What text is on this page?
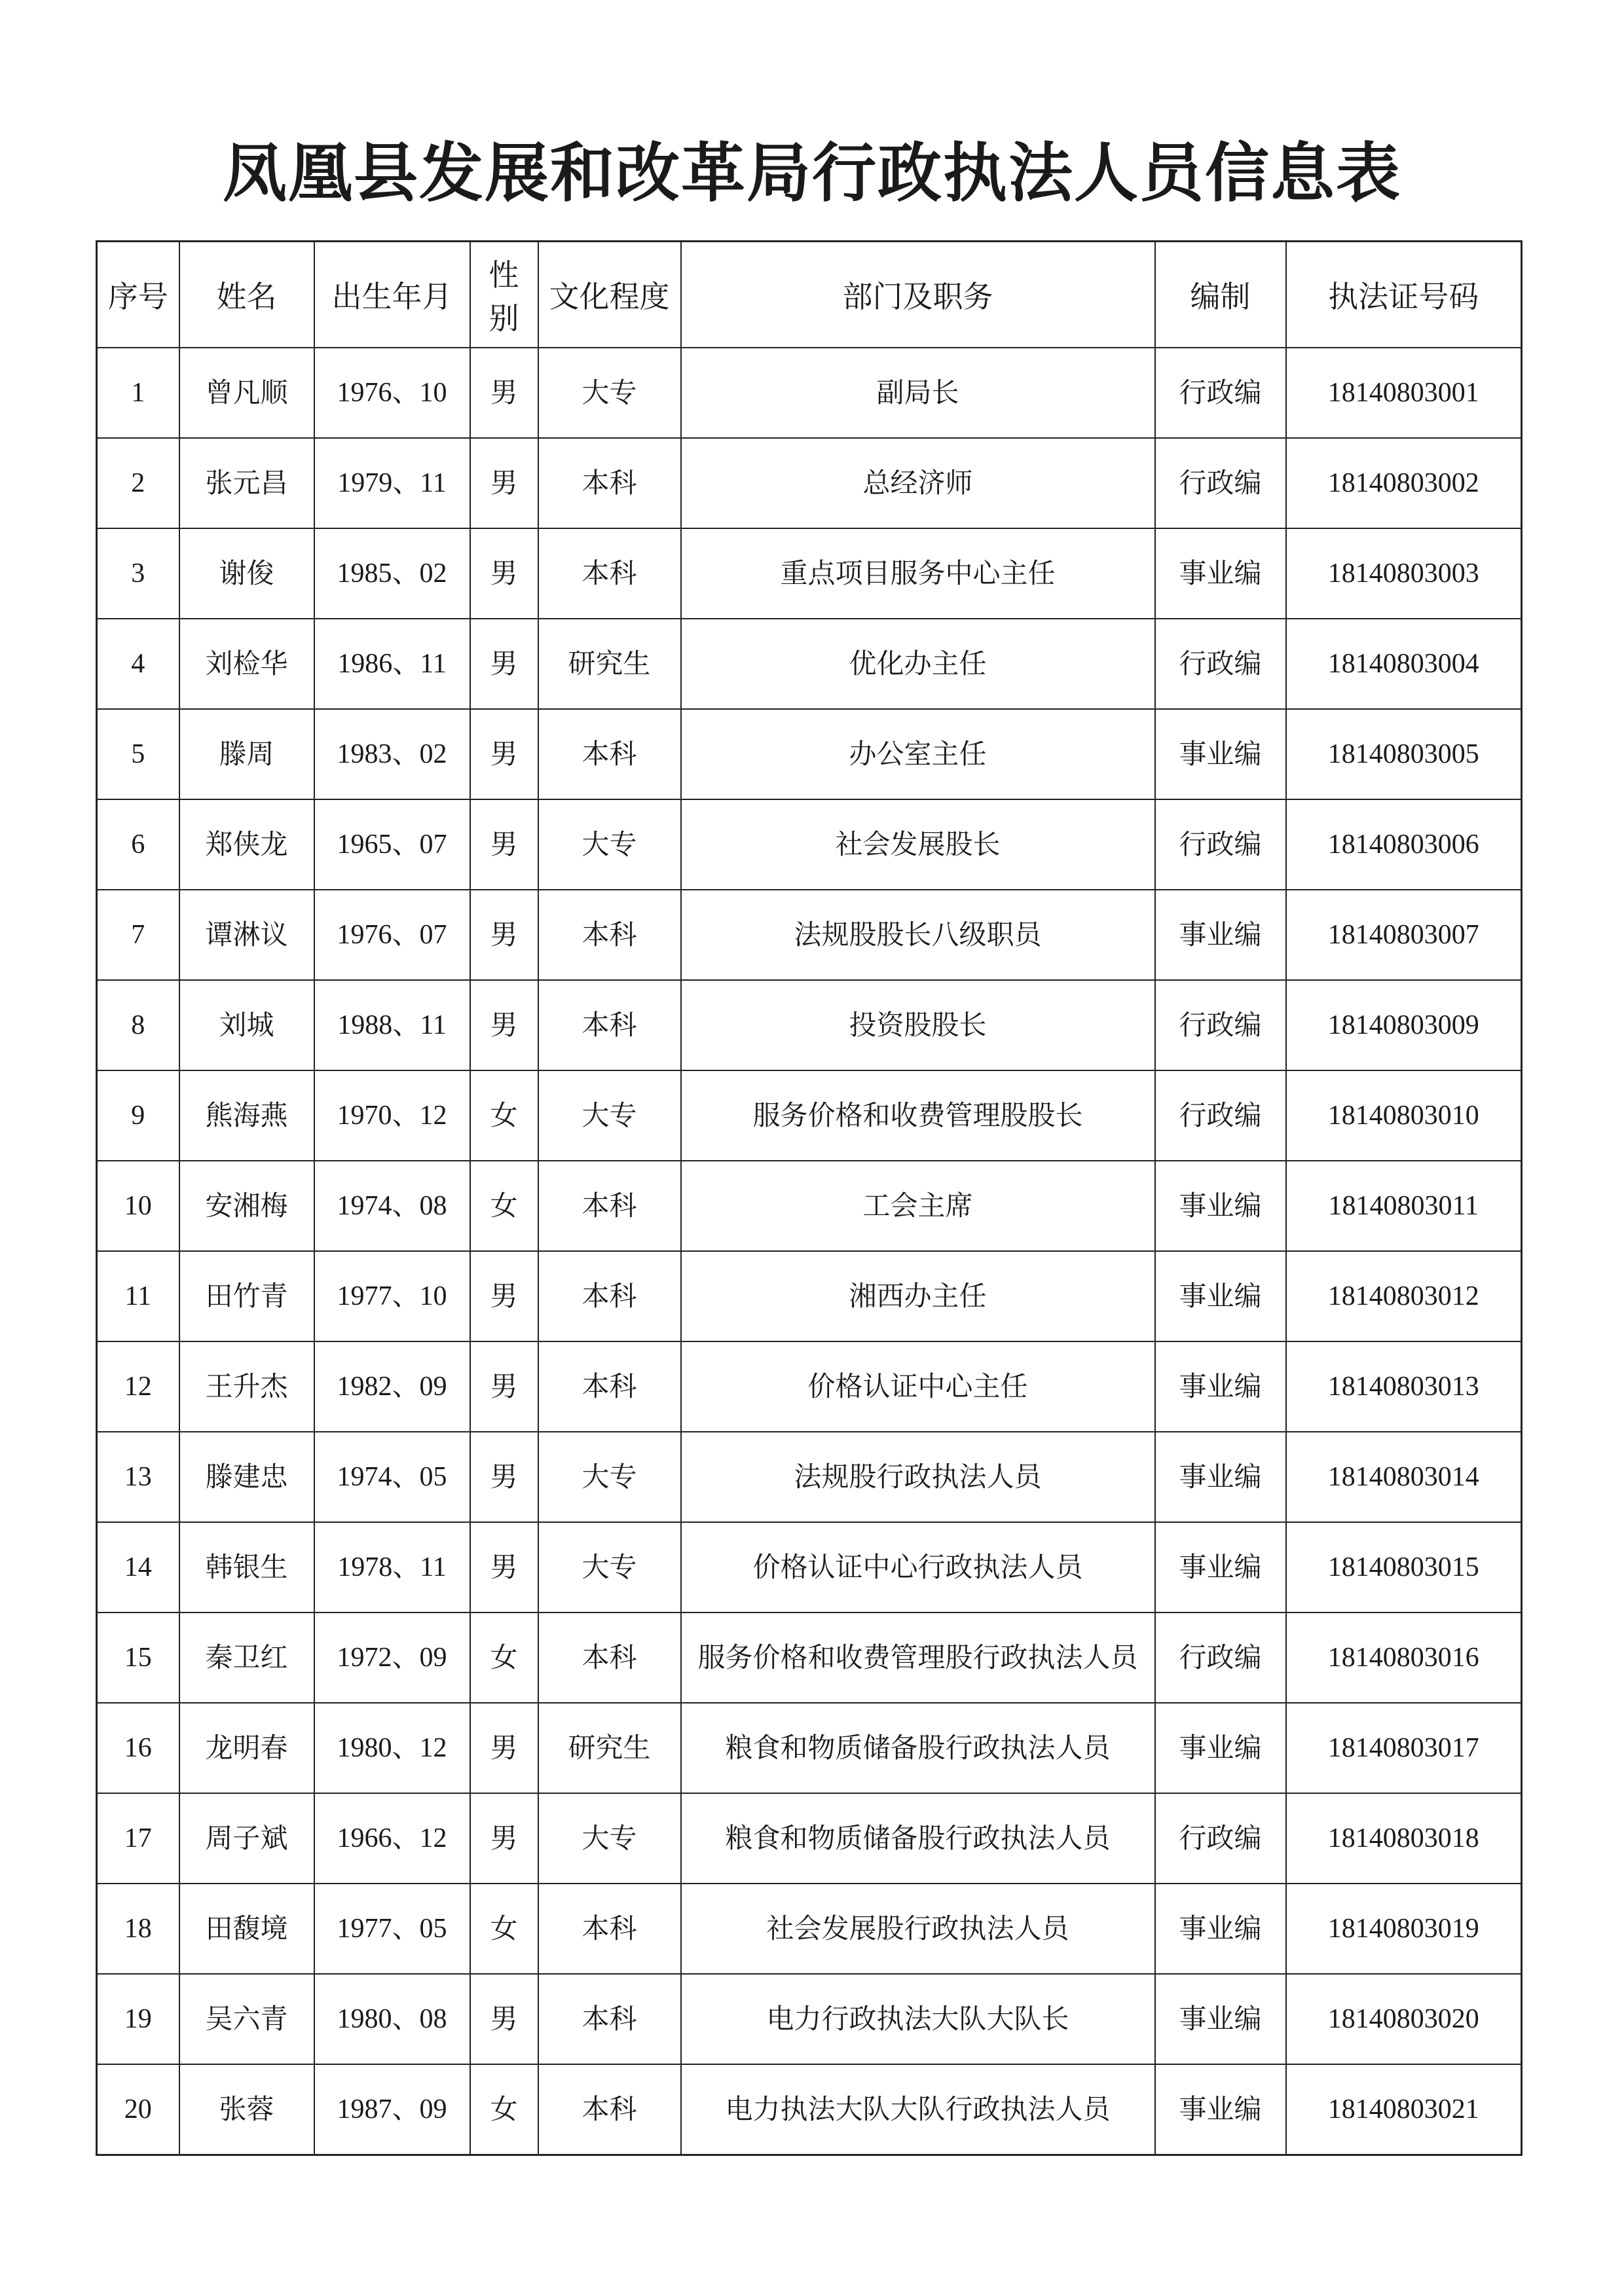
凤凰县发展和改革局行政执法人员信息表
序号	姓名	出生年月	性别	文化程度	部门及职务	编制	执法证号码
1	曾凡顺	1976、10	男	大专	副局长	行政编	18140803001
2	张元昌	1979、11	男	本科	总经济师	行政编	18140803002
3	谢俊	1985、02	男	本科	重点项目服务中心主任	事业编	18140803003
4	刘检华	1986、11	男	研究生	优化办主任	行政编	18140803004
5	滕周	1983、02	男	本科	办公室主任	事业编	18140803005
6	郑侠龙	1965、07	男	大专	社会发展股长	行政编	18140803006
7	谭淋议	1976、07	男	本科	法规股股长八级职员	事业编	18140803007
8	刘城	1988、11	男	本科	投资股股长	行政编	18140803009
9	熊海燕	1970、12	女	大专	服务价格和收费管理股股长	行政编	18140803010
10	安湘梅	1974、08	女	本科	工会主席	事业编	18140803011
11	田竹青	1977、10	男	本科	湘西办主任	事业编	18140803012
12	王升杰	1982、09	男	本科	价格认证中心主任	事业编	18140803013
13	滕建忠	1974、05	男	大专	法规股行政执法人员	事业编	18140803014
14	韩银生	1978、11	男	大专	价格认证中心行政执法人员	事业编	18140803015
15	秦卫红	1972、09	女	本科	服务价格和收费管理股行政执法人员	行政编	18140803016
16	龙明春	1980、12	男	研究生	粮食和物质储备股行政执法人员	事业编	18140803017
17	周子斌	1966、12	男	大专	粮食和物质储备股行政执法人员	行政编	18140803018
18	田馥境	1977、05	女	本科	社会发展股行政执法人员	事业编	18140803019
19	吴六青	1980、08	男	本科	电力行政执法大队大队长	事业编	18140803020
20	张蓉	1987、09	女	本科	电力执法大队大队行政执法人员	事业编	18140803021
